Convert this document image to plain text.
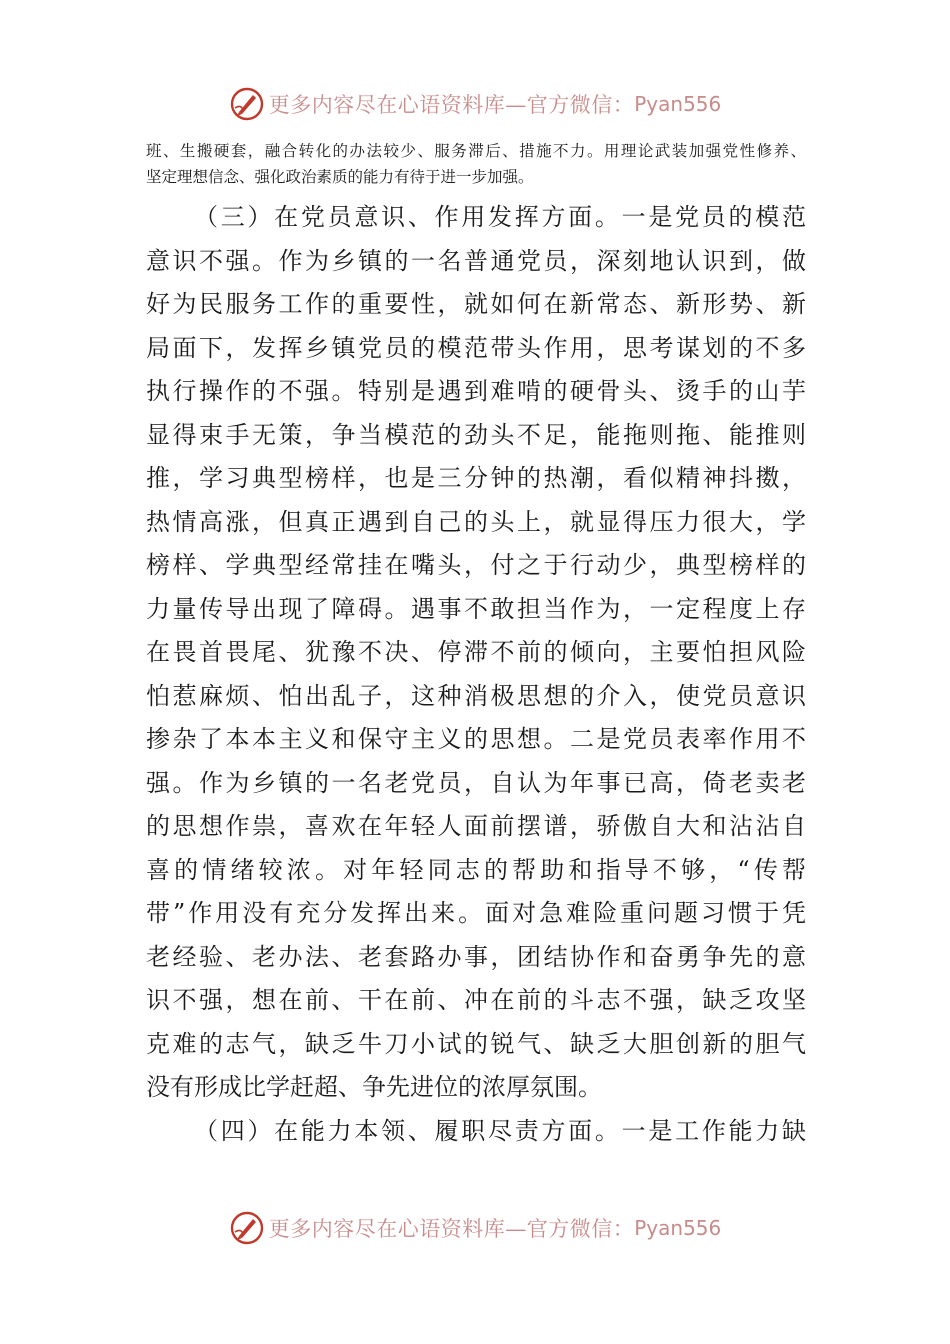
更多内容尽在心语资料库—官方微信： Pyan556
班、生搬硬套，融合转化的办法较少、服务滞后、措施不力。用理论武装加强党性修养、
坚定理想信念、强化政治素质的能力有待于进一步加强。
（三）在党员意识、作用发挥方面。一是党员的模范
意识不强。作为乡镇的一名普通党员，深刻地认识到，做
好为民服务工作的重要性，就如何在新常态、新形势、新
局面下，发挥乡镇党员的模范带头作用，思考谋划的不多
执行操作的不强。特别是遇到难啃的硬骨头、烫手的山芋
显得束手无策，争当模范的劲头不足，能拖则拖、能推则
推，学习典型榜样，也是三分钟的热潮，看似精神抖擞，
热情高涨，但真正遇到自己的头上，就显得压力很大，学
榜样、学典型经常挂在嘴头，付之于行动少，典型榜样的
力量传导出现了障碍。遇事不敢担当作为，一定程度上存
在畏首畏尾、犹豫不决、停滞不前的倾向，主要怕担风险
怕惹麻烦、怕出乱子，这种消极思想的介入，使党员意识
掺杂了本本主义和保守主义的思想。二是党员表率作用不
强。作为乡镇的一名老党员，自认为年事已高，倚老卖老
的思想作祟，喜欢在年轻人面前摆谱，骄傲自大和沾沾自
喜的情绪较浓。对年轻同志的帮助和指导不够，“传帮
带”作用没有充分发挥出来。面对急难险重问题习惯于凭
老经验、老办法、老套路办事，团结协作和奋勇争先的意
识不强，想在前、干在前、冲在前的斗志不强，缺乏攻坚
克难的志气，缺乏牛刀小试的锐气、缺乏大胆创新的胆气
没有形成比学赶超、争先进位的浓厚氛围。
（四）在能力本领、履职尽责方面。一是工作能力缺
更多内容尽在心语资料库—官方微信： Pyan556
